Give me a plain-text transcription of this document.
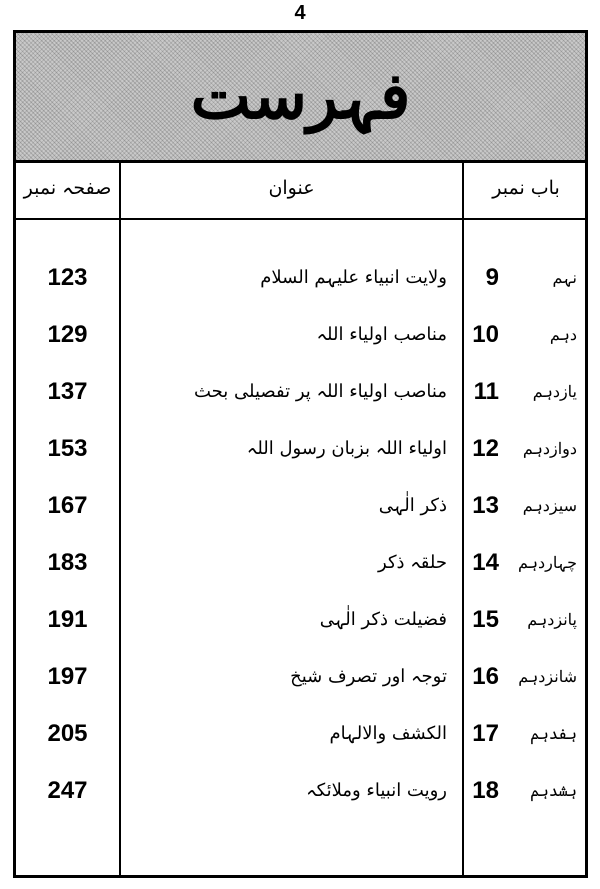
4
فہرست
صفحہ نمبر	عنوان	باب نمبر
123	ولایت انبیاء علیہم السلام 9	نہم
129	مناصب اولیاء اللہ 10	دہم
137	مناصب اولیاء اللہ پر تفصیلی بحث 11 یازدہم
153	اولیاء اللہ بزبان رسول اللہ 12 دوازدہم
167	ذکر الٰہی 13 سیزدہم
183	حلقہ ذکر 14 چہاردہم
191	فضیلت ذکر الٰہی 15 پانزدہم
197	توجہ اور تصرف شیخ 16 شانزدہم
205	الکشف والالہام 17 ہفدہم
247	رویت انبیاء وملائکہ 18 ہشدہم
